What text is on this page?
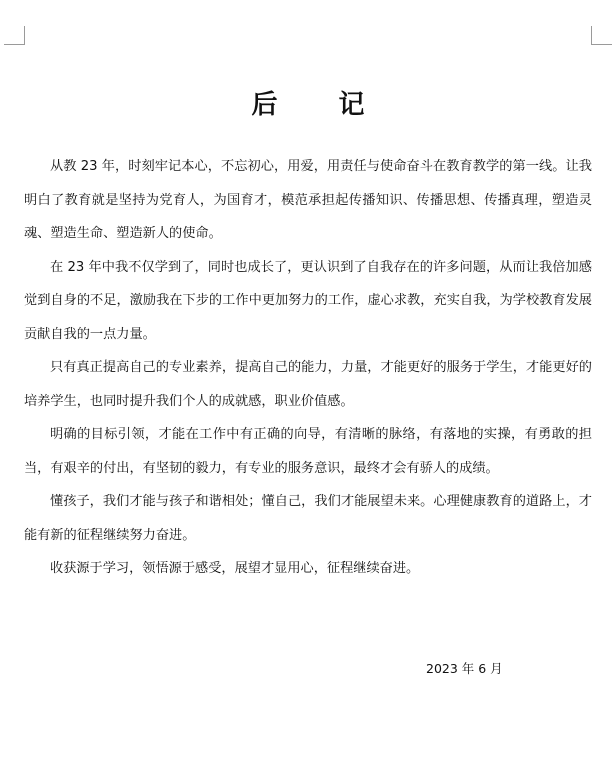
后 记

从教 23 年，时刻牢记本心，不忘初心，用爱，用责任与使命奋斗在教育教学的第一线。让我明白了教育就是坚持为党育人，为国育才，模范承担起传播知识、传播思想、传播真理，塑造灵魂、塑造生命、塑造新人的使命。

在 23 年中我不仅学到了，同时也成长了，更认识到了自我存在的许多问题，从而让我倍加感觉到自身的不足，激励我在下步的工作中更加努力的工作，虚心求教，充实自我，为学校教育发展贡献自我的一点力量。

只有真正提高自己的专业素养，提高自己的能力，力量，才能更好的服务于学生，才能更好的培养学生，也同时提升我们个人的成就感，职业价值感。

明确的目标引领，才能在工作中有正确的向导，有清晰的脉络，有落地的实操，有勇敢的担当，有艰辛的付出，有坚韧的毅力，有专业的服务意识，最终才会有骄人的成绩。

懂孩子，我们才能与孩子和谐相处；懂自己，我们才能展望未来。心理健康教育的道路上，才能有新的征程继续努力奋进。

收获源于学习，领悟源于感受，展望才显用心，征程继续奋进。

2023 年 6 月
